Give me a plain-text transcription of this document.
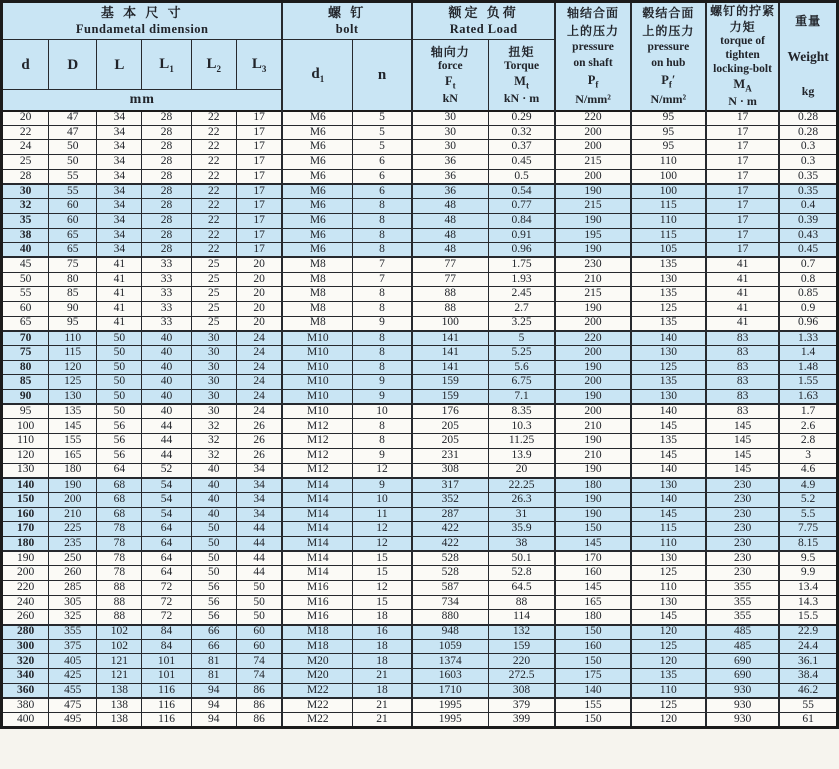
基 本 尺 寸
Fundametal dimension

螺 钉
bolt

额定 负荷
Rated Load

轴结合面
上的压力
pressure
on shaft
$P_f$
N/mm²

毂结合面
上的压力
pressure
on hub
$P_f'$
N/mm²

螺钉的拧紧
力矩
torque of
tighten
locking-bolt
$M_A$
N · m

重量
Weight
kg

d	D	L	$L_1$	$L_2$	$L_3$	$d_1$	n	
轴向力
force
$F_t$
kN

扭矩
Torque
$M_t$
kN · m

mm													
20	47	34	28	22	17	M6	5	30	0.29	220	95	17	0.28
22	47	34	28	22	17	M6	5	30	0.32	200	95	17	0.28
24	50	34	28	22	17	M6	5	30	0.37	200	95	17	0.3
25	50	34	28	22	17	M6	6	36	0.45	215	110	17	0.3
28	55	34	28	22	17	M6	6	36	0.5	200	100	17	0.35
30	55	34	28	22	17	M6	6	36	0.54	190	100	17	0.35
32	60	34	28	22	17	M6	8	48	0.77	215	115	17	0.4
35	60	34	28	22	17	M6	8	48	0.84	190	110	17	0.39
38	65	34	28	22	17	M6	8	48	0.91	195	115	17	0.43
40	65	34	28	22	17	M6	8	48	0.96	190	105	17	0.45
45	75	41	33	25	20	M8	7	77	1.75	230	135	41	0.7
50	80	41	33	25	20	M8	7	77	1.93	210	130	41	0.8
55	85	41	33	25	20	M8	8	88	2.45	215	135	41	0.85
60	90	41	33	25	20	M8	8	88	2.7	190	125	41	0.9
65	95	41	33	25	20	M8	9	100	3.25	200	135	41	0.96
70	110	50	40	30	24	M10	8	141	5	220	140	83	1.33
75	115	50	40	30	24	M10	8	141	5.25	200	130	83	1.4
80	120	50	40	30	24	M10	8	141	5.6	190	125	83	1.48
85	125	50	40	30	24	M10	9	159	6.75	200	135	83	1.55
90	130	50	40	30	24	M10	9	159	7.1	190	130	83	1.63
95	135	50	40	30	24	M10	10	176	8.35	200	140	83	1.7
100	145	56	44	32	26	M12	8	205	10.3	210	145	145	2.6
110	155	56	44	32	26	M12	8	205	11.25	190	135	145	2.8
120	165	56	44	32	26	M12	9	231	13.9	210	145	145	3
130	180	64	52	40	34	M12	12	308	20	190	140	145	4.6
140	190	68	54	40	34	M14	9	317	22.25	180	130	230	4.9
150	200	68	54	40	34	M14	10	352	26.3	190	140	230	5.2
160	210	68	54	40	34	M14	11	287	31	190	145	230	5.5
170	225	78	64	50	44	M14	12	422	35.9	150	115	230	7.75
180	235	78	64	50	44	M14	12	422	38	145	110	230	8.15
190	250	78	64	50	44	M14	15	528	50.1	170	130	230	9.5
200	260	78	64	50	44	M14	15	528	52.8	160	125	230	9.9
220	285	88	72	56	50	M16	12	587	64.5	145	110	355	13.4
240	305	88	72	56	50	M16	15	734	88	165	130	355	14.3
260	325	88	72	56	50	M16	18	880	114	180	145	355	15.5
280	355	102	84	66	60	M18	16	948	132	150	120	485	22.9
300	375	102	84	66	60	M18	18	1059	159	160	125	485	24.4
320	405	121	101	81	74	M20	18	1374	220	150	120	690	36.1
340	425	121	101	81	74	M20	21	1603	272.5	175	135	690	38.4
360	455	138	116	94	86	M22	18	1710	308	140	110	930	46.2
380	475	138	116	94	86	M22	21	1995	379	155	125	930	55
400	495	138	116	94	86	M22	21	1995	399	150	120	930	61
